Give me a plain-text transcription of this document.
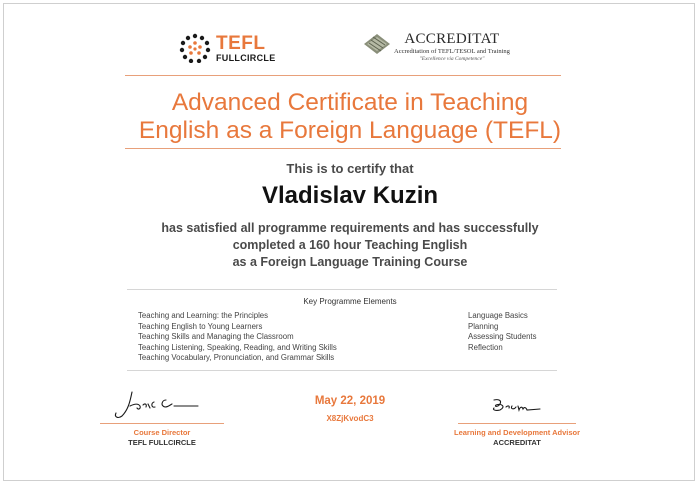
TEFL
FULLCIRCLE
ACCREDITAT
Accreditation of TEFL/TESOL and Training
"Excellence via Competence"
Advanced Certificate in Teaching
English as a Foreign Language (TEFL)
This is to certify that
Vladislav Kuzin
has satisfied all programme requirements and has successfully
completed a 160 hour Teaching English
as a Foreign Language Training Course
Key Programme Elements
Teaching and Learning: the Principles
Teaching English to Young Learners
Teaching Skills and Managing the Classroom
Teaching Listening, Speaking, Reading, and Writing Skills
Teaching Vocabulary, Pronunciation, and Grammar Skills
Language Basics
Planning
Assessing Students
Reflection
Course Director
TEFL FULLCIRCLE
May 22, 2019
X8ZjKvodC3
Learning and Development Advisor
ACCREDITAT
